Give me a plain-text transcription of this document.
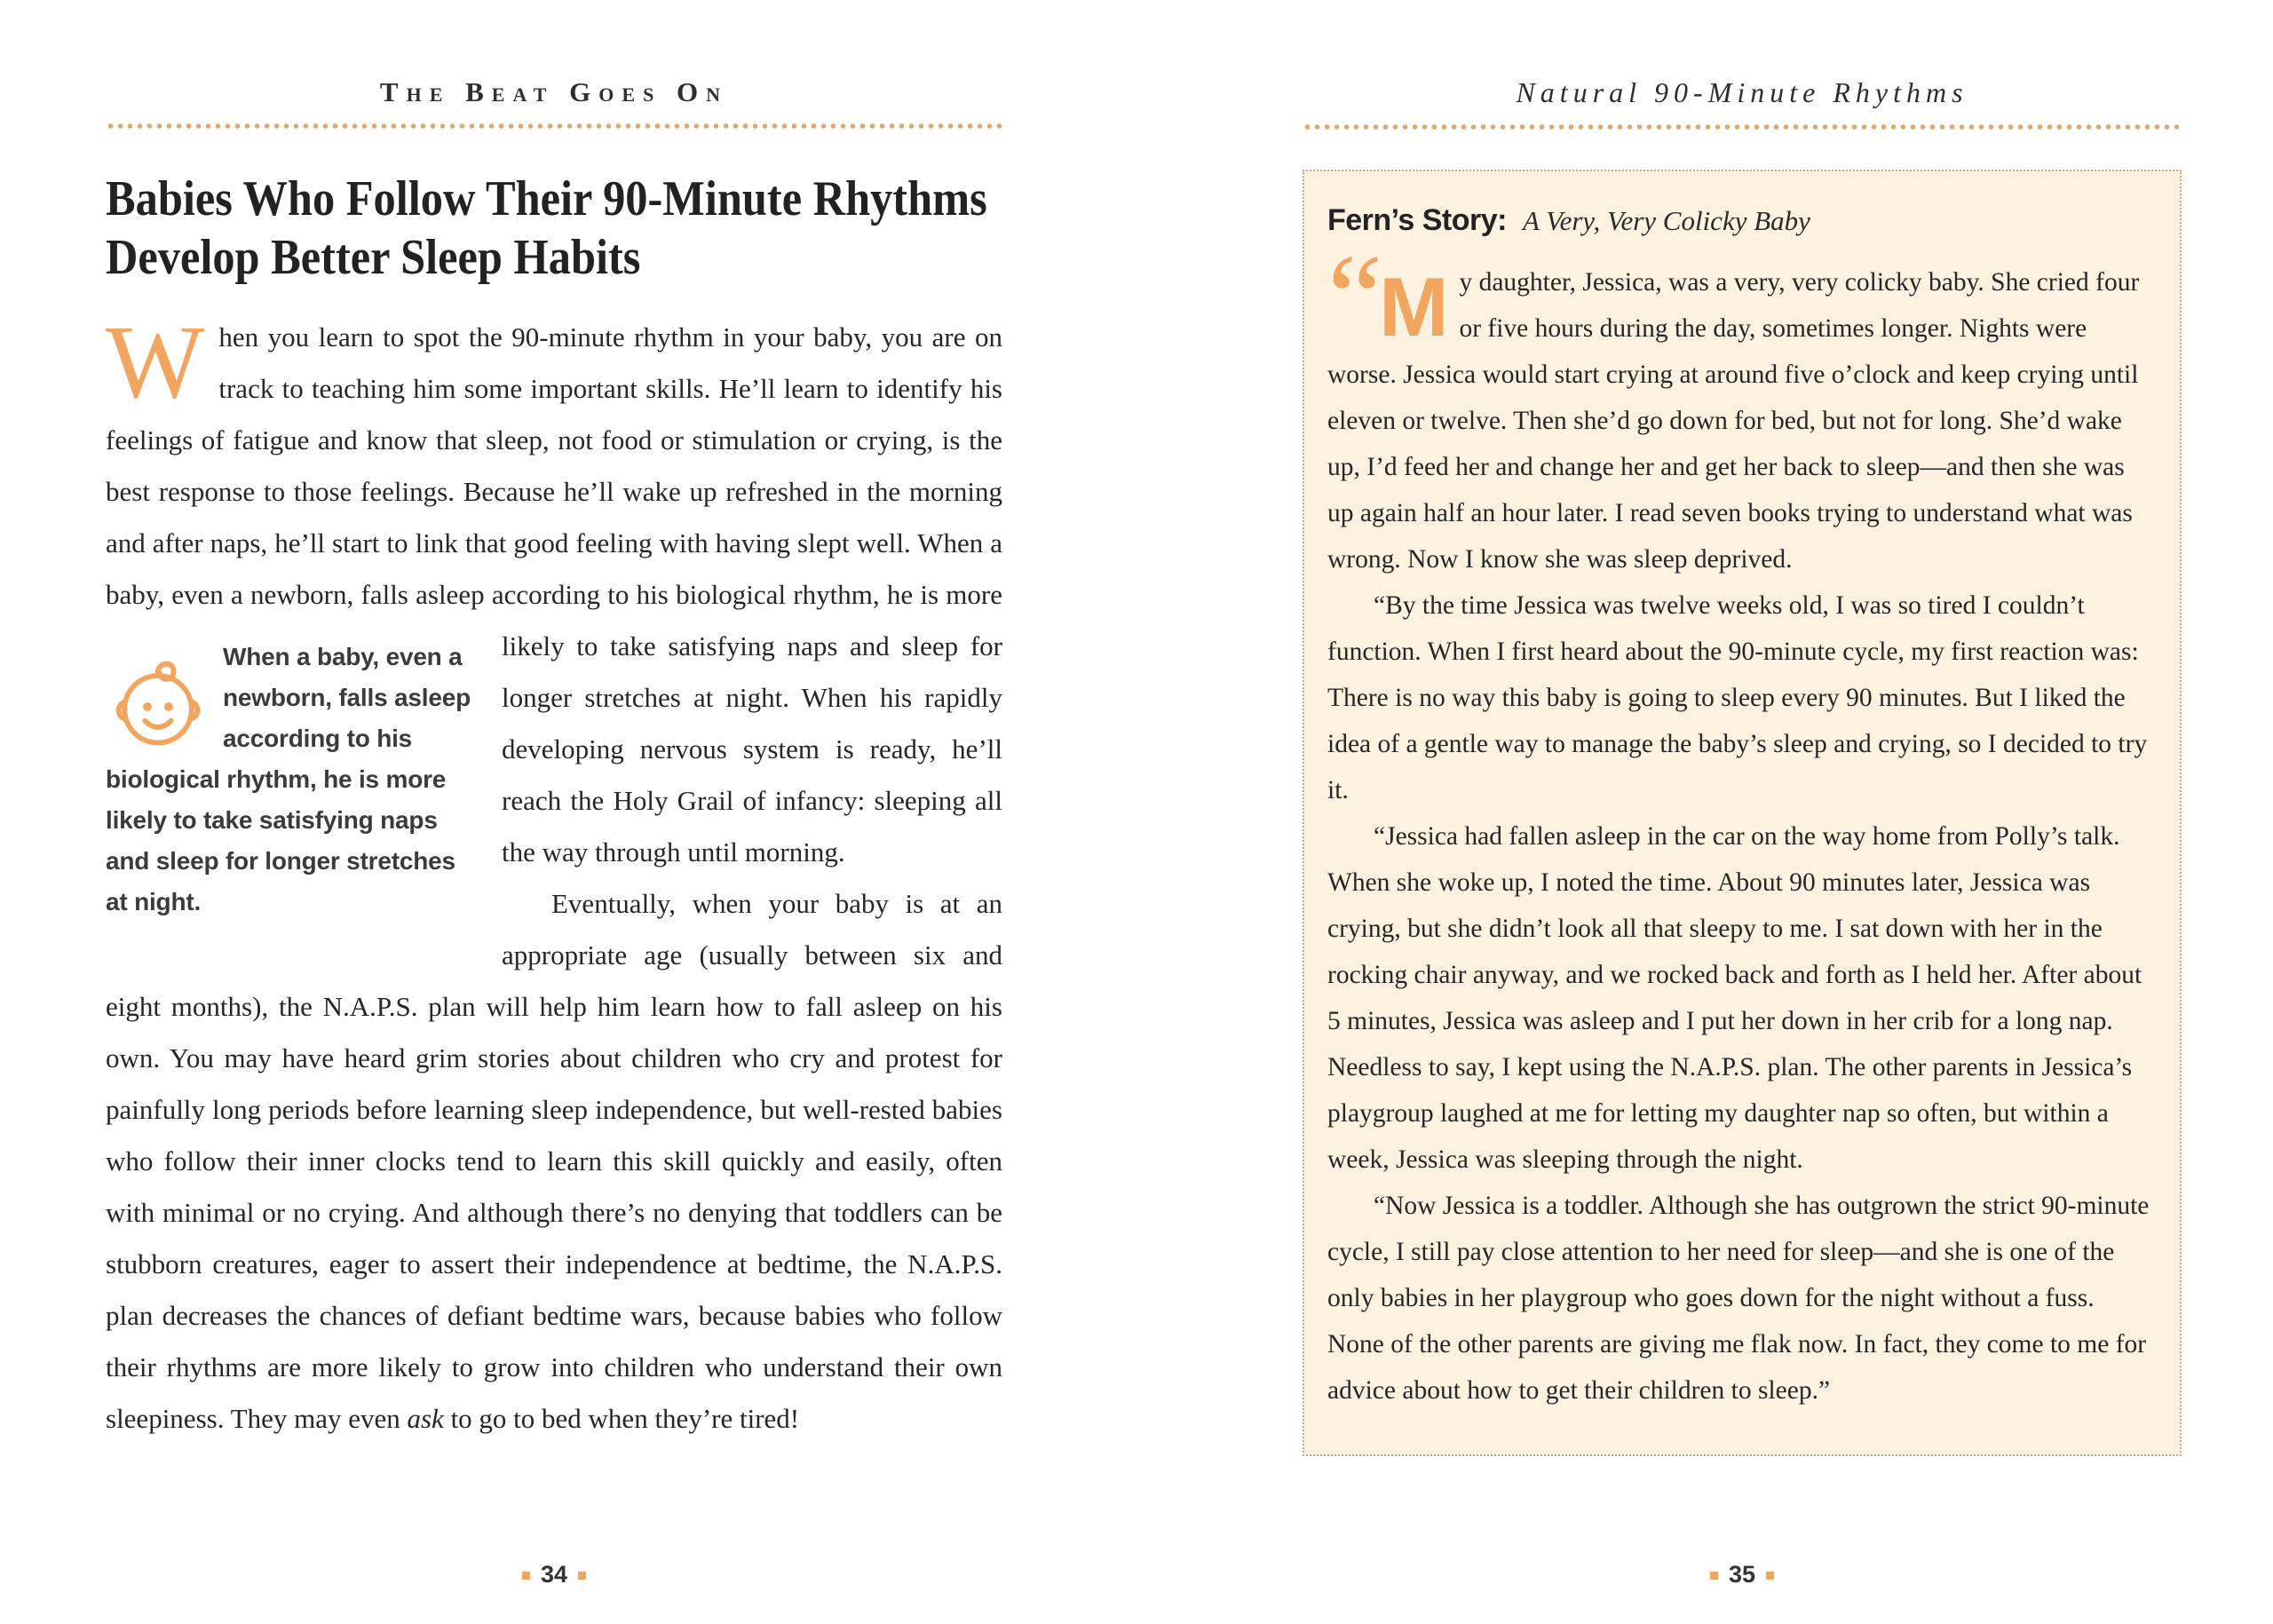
The Beat Goes On
Babies Who Follow Their 90-Minute Rhythms
Develop Better Sleep Habits
When you learn to spot the 90-minute rhythm in your baby, you are on track to teaching him some important skills. He’ll learn to identify his feelings of fatigue and know that sleep, not food or stimulation or crying, is the best response to those feelings. Because he’ll wake up refreshed in the morning and after naps, he’ll start to link that good feeling with having slept well. When a baby, even a newborn, falls asleep according to his biological rhythm, he is more likely to take satisfying naps and sleep for
When a baby, even a newborn, falls asleep according to his biological rhythm, he is more likely to take satisfying naps and sleep for longer stretches at night.
longer stretches at night. When his rapidly developing nervous system is ready, he’ll reach the Holy Grail of infancy: sleeping all the way through until morning.
Eventually, when your baby is at an appropriate age (usually between six and eight months), the N.A.P.S. plan will help him learn how to fall asleep on his own. You may have heard grim stories about children who cry and protest for painfully long periods before learning sleep independence, but well-rested babies who follow their inner clocks tend to learn this skill quickly and easily, often with minimal or no crying. And although there’s no denying that toddlers can be stubborn creatures, eager to assert their independence at bedtime, the N.A.P.S. plan decreases the chances of defiant bedtime wars, because babies who follow their rhythms are more likely to grow into children who understand their own sleepiness. They may even ask to go to bed when they’re tired!
34
Natural 90-Minute Rhythms
Fern’s Story: A Very, Very Colicky Baby
“ M y daughter, Jessica, was a very, very colicky baby. She cried four or five hours during the day, sometimes longer. Nights were worse. Jessica would start crying at around five o’clock and keep crying until eleven or twelve. Then she’d go down for bed, but not for long. She’d wake up, I’d feed her and change her and get her back to sleep—and then she was up again half an hour later. I read seven books trying to understand what was wrong. Now I know she was sleep deprived.
“By the time Jessica was twelve weeks old, I was so tired I couldn’t function. When I first heard about the 90-minute cycle, my first reaction was: There is no way this baby is going to sleep every 90 minutes. But I liked the idea of a gentle way to manage the baby’s sleep and crying, so I decided to try it.
“Jessica had fallen asleep in the car on the way home from Polly’s talk. When she woke up, I noted the time. About 90 minutes later, Jessica was crying, but she didn’t look all that sleepy to me. I sat down with her in the rocking chair anyway, and we rocked back and forth as I held her. After about 5 minutes, Jessica was asleep and I put her down in her crib for a long nap. Needless to say, I kept using the N.A.P.S. plan. The other parents in Jessica’s playgroup laughed at me for letting my daughter nap so often, but within a week, Jessica was sleeping through the night.
“Now Jessica is a toddler. Although she has outgrown the strict 90-minute cycle, I still pay close attention to her need for sleep—and she is one of the only babies in her playgroup who goes down for the night without a fuss. None of the other parents are giving me flak now. In fact, they come to me for advice about how to get their children to sleep.”
35
